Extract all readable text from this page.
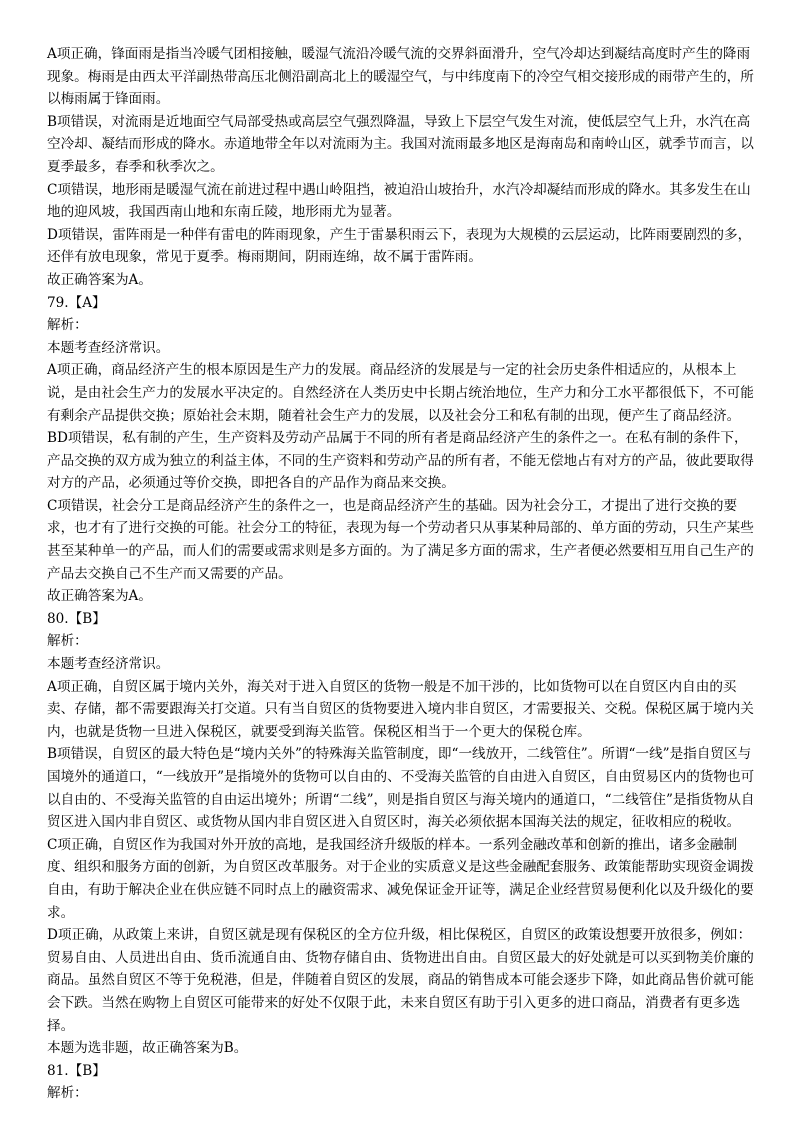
A项正确，锋面雨是指当冷暖气团相接触，暖湿气流沿冷暖气流的交界斜面滑升，空气冷却达到凝结高度时产生的降雨现象。梅雨是由西太平洋副热带高压北侧沿副高北上的暖湿空气，与中纬度南下的冷空气相交接形成的雨带产生的，所以梅雨属于锋面雨。

B项错误，对流雨是近地面空气局部受热或高层空气强烈降温，导致上下层空气发生对流，使低层空气上升，水汽在高空冷却、凝结而形成的降水。赤道地带全年以对流雨为主。我国对流雨最多地区是海南岛和南岭山区，就季节而言，以夏季最多，春季和秋季次之。

C项错误，地形雨是暖湿气流在前进过程中遇山岭阻挡，被迫沿山坡抬升，水汽冷却凝结而形成的降水。其多发生在山地的迎风坡，我国西南山地和东南丘陵，地形雨尤为显著。

D项错误，雷阵雨是一种伴有雷电的阵雨现象，产生于雷暴积雨云下，表现为大规模的云层运动，比阵雨要剧烈的多，还伴有放电现象，常见于夏季。梅雨期间，阴雨连绵，故不属于雷阵雨。

故正确答案为A。

79.【A】

解析：

本题考查经济常识。

A项正确，商品经济产生的根本原因是生产力的发展。商品经济的发展是与一定的社会历史条件相适应的，从根本上说，是由社会生产力的发展水平决定的。自然经济在人类历史中长期占统治地位，生产力和分工水平都很低下，不可能有剩余产品提供交换；原始社会末期，随着社会生产力的发展，以及社会分工和私有制的出现，便产生了商品经济。

BD项错误，私有制的产生，生产资料及劳动产品属于不同的所有者是商品经济产生的条件之一。在私有制的条件下，产品交换的双方成为独立的利益主体，不同的生产资料和劳动产品的所有者，不能无偿地占有对方的产品，彼此要取得对方的产品，必须通过等价交换，即把各自的产品作为商品来交换。

C项错误，社会分工是商品经济产生的条件之一，也是商品经济产生的基础。因为社会分工，才提出了进行交换的要求，也才有了进行交换的可能。社会分工的特征，表现为每一个劳动者只从事某种局部的、单方面的劳动，只生产某些甚至某种单一的产品，而人们的需要或需求则是多方面的。为了满足多方面的需求，生产者便必然要相互用自己生产的产品去交换自己不生产而又需要的产品。

故正确答案为A。

80.【B】

解析：

本题考查经济常识。

A项正确，自贸区属于境内关外，海关对于进入自贸区的货物一般是不加干涉的，比如货物可以在自贸区内自由的买卖、存储，都不需要跟海关打交道。只有当自贸区的货物要进入境内非自贸区，才需要报关、交税。保税区属于境内关内，也就是货物一旦进入保税区，就要受到海关监管。保税区相当于一个更大的保税仓库。

B项错误，自贸区的最大特色是“境内关外”的特殊海关监管制度，即“一线放开，二线管住”。所谓“一线”是指自贸区与国境外的通道口，“一线放开”是指境外的货物可以自由的、不受海关监管的自由进入自贸区，自由贸易区内的货物也可以自由的、不受海关监管的自由运出境外；所谓“二线”，则是指自贸区与海关境内的通道口，“二线管住”是指货物从自贸区进入国内非自贸区、或货物从国内非自贸区进入自贸区时，海关必须依据本国海关法的规定，征收相应的税收。

C项正确，自贸区作为我国对外开放的高地，是我国经济升级版的样本。一系列金融改革和创新的推出，诸多金融制度、组织和服务方面的创新，为自贸区改革服务。对于企业的实质意义是这些金融配套服务、政策能帮助实现资金调拨自由，有助于解决企业在供应链不同时点上的融资需求、减免保证金开证等，满足企业经营贸易便利化以及升级化的要求。

D项正确，从政策上来讲，自贸区就是现有保税区的全方位升级，相比保税区，自贸区的政策设想要开放很多，例如：贸易自由、人员进出自由、货币流通自由、货物存储自由、货物进出自由。自贸区最大的好处就是可以买到物美价廉的商品。虽然自贸区不等于免税港，但是，伴随着自贸区的发展，商品的销售成本可能会逐步下降，如此商品售价就可能会下跌。当然在购物上自贸区可能带来的好处不仅限于此，未来自贸区有助于引入更多的进口商品，消费者有更多选择。

本题为选非题，故正确答案为B。

81.【B】

解析：
